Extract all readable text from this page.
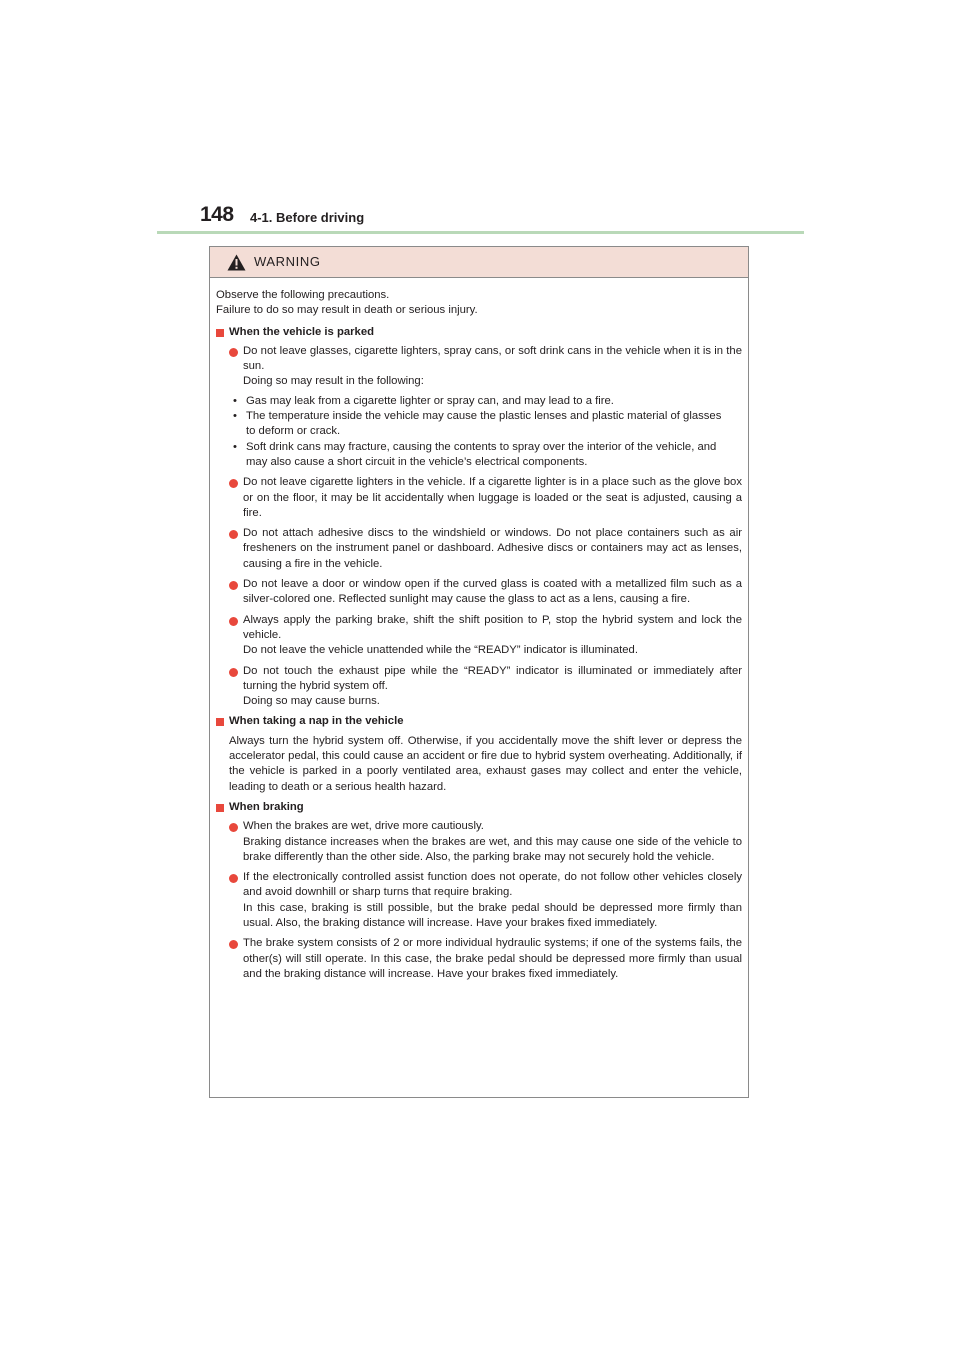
148 4-1. Before driving
WARNING
Observe the following precautions.
Failure to do so may result in death or serious injury.
When the vehicle is parked

Do not leave glasses, cigarette lighters, spray cans, or soft drink cans in the vehicle when it is in the sun.

Doing so may result in the following:

• Gas may leak from a cigarette lighter or spray can, and may lead to a fire.
• The temperature inside the vehicle may cause the plastic lenses and plastic material of glasses to deform or crack.
• Soft drink cans may fracture, causing the contents to spray over the interior of the vehicle, and may also cause a short circuit in the vehicle’s electrical components.

Do not leave cigarette lighters in the vehicle. If a cigarette lighter is in a place such as the glove box or on the floor, it may be lit accidentally when luggage is loaded or the seat is adjusted, causing a fire.

Do not attach adhesive discs to the windshield or windows. Do not place containers such as air fresheners on the instrument panel or dashboard. Adhesive discs or containers may act as lenses, causing a fire in the vehicle.

Do not leave a door or window open if the curved glass is coated with a metallized film such as a silver-colored one. Reflected sunlight may cause the glass to act as a lens, causing a fire.

Always apply the parking brake, shift the shift position to P, stop the hybrid system and lock the vehicle.

Do not leave the vehicle unattended while the “READY” indicator is illuminated.

Do not touch the exhaust pipe while the “READY” indicator is illuminated or immediately after turning the hybrid system off.

Doing so may cause burns.

When taking a nap in the vehicle

Always turn the hybrid system off. Otherwise, if you accidentally move the shift lever or depress the accelerator pedal, this could cause an accident or fire due to hybrid system overheating. Additionally, if the vehicle is parked in a poorly ventilated area, exhaust gases may collect and enter the vehicle, leading to death or a serious health hazard.

When braking

When the brakes are wet, drive more cautiously.

Braking distance increases when the brakes are wet, and this may cause one side of the vehicle to brake differently than the other side. Also, the parking brake may not securely hold the vehicle.

If the electronically controlled assist function does not operate, do not follow other vehicles closely and avoid downhill or sharp turns that require braking.

In this case, braking is still possible, but the brake pedal should be depressed more firmly than usual. Also, the braking distance will increase. Have your brakes fixed immediately.

The brake system consists of 2 or more individual hydraulic systems; if one of the systems fails, the other(s) will still operate. In this case, the brake pedal should be depressed more firmly than usual and the braking distance will increase. Have your brakes fixed immediately.
